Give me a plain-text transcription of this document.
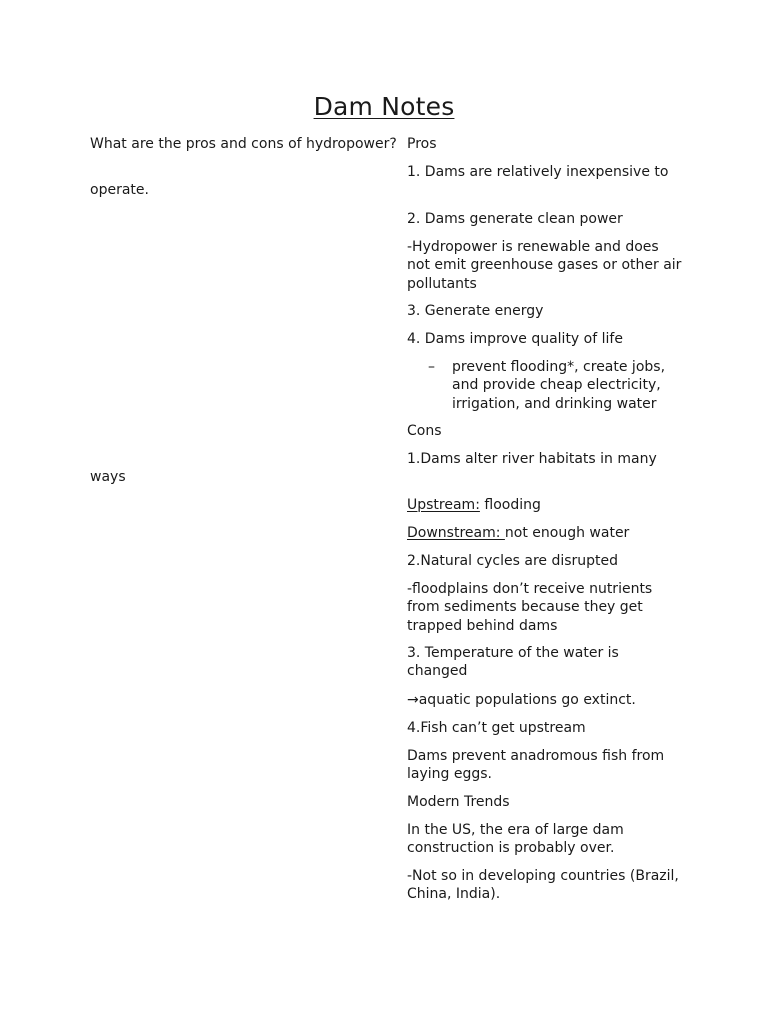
Dam Notes

What are the pros and cons of hydropower? Pros

1. Dams are relatively inexpensive to

operate.

2. Dams generate clean power

-Hydropower is renewable and does not emit greenhouse gases or other air pollutants

3. Generate energy

4. Dams improve quality of life

– prevent flooding*, create jobs, and provide cheap electricity, irrigation, and drinking water

Cons

1.Dams alter river habitats in many

ways

Upstream: flooding

Downstream: not enough water

2.Natural cycles are disrupted

-floodplains don’t receive nutrients from sediments because they get trapped behind dams

3. Temperature of the water is changed

→aquatic populations go extinct.

4.Fish can’t get upstream

Dams prevent anadromous fish from laying eggs.

Modern Trends

In the US, the era of large dam construction is probably over.

-Not so in developing countries (Brazil, China, India).
